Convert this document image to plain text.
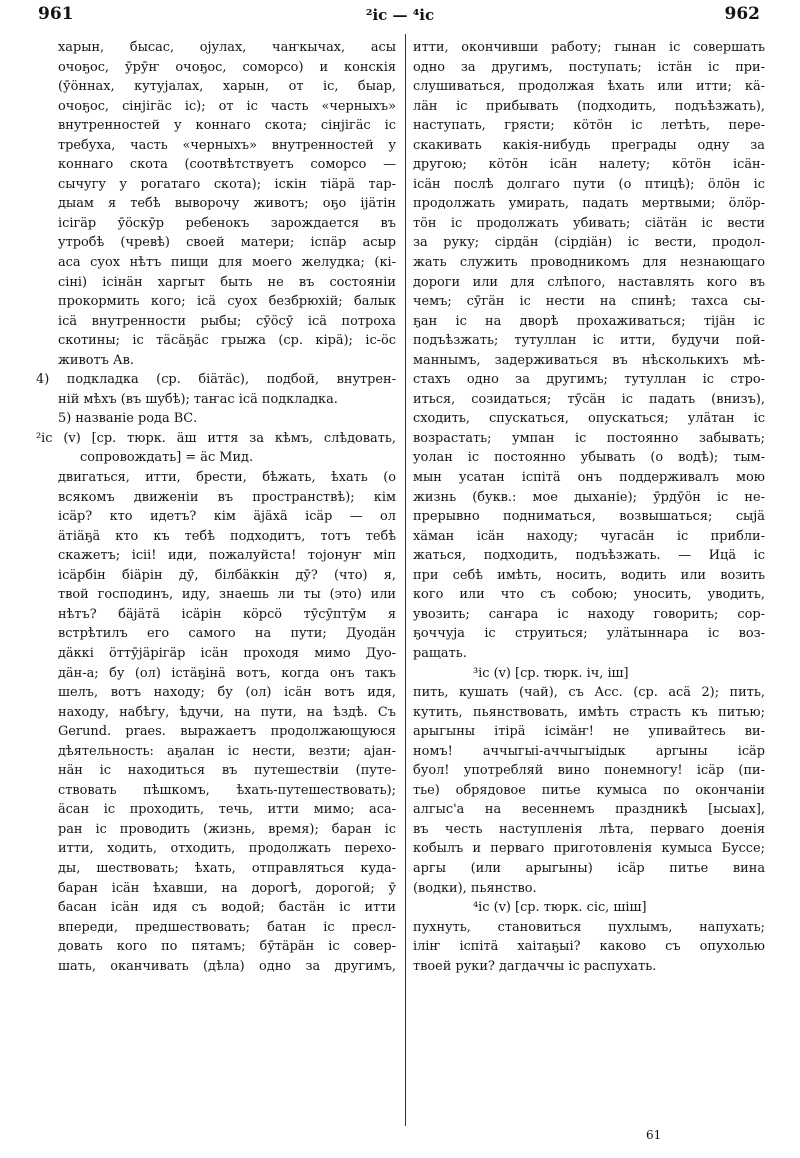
²іс — ⁴іс
961	962
харын, бысас, ојулах, чаҥкычах, асы
очоҕос, ӯрӯҥ очоҕос, соморсо) и конскія
(ӯöннах, кутујалах, харын, от іс, быар,
очоҕос, сінјігäс іс); от іс часть «черныхъ»
внутренностей у коннаго скота; сінјігäс іс
требуха, часть «черныхъ» внутренностей у
коннаго скота (соотвѣтствуетъ соморсо —
сычугу у рогатаго скота); іскін тіäрä тар-
дыам я тебѣ выворочу животъ; оҕо іјäтін
ісігäр ӯöскӯр ребенокъ зарождается въ
утробѣ (чревѣ) своей матери; іспäр асыр
аса суох нѣтъ пищи для моего желудка; (кі-
сіні) ісінäн харгыт быть не въ состояніи
прокормить кого; ісä суох безбрюхій; балык
ісä внутренности рыбы; сӯöсӯ ісä потроха
скотины; іс тäсäҕäс грыжа (ср. кірä); іс-öс
животъ Ав.
4) подкладка (ср. біäтäс), подбой, внутрен-
ній мѣхъ (въ шубѣ); таҥас ісä подкладка.
5) названіе рода ВС.
²іс (v) [ср. тюрк. äш иття за кѣмъ, слѣдовать,
сопровождать] = äс Мид.
двигаться, итти, брести, бѣжать, ѣхать (о
всякомъ движеніи въ пространствѣ); кім
ісäр? кто идетъ? кім äјäхä ісäр — ол
äтіäҕä кто къ тебѣ подходитъ, тотъ тебѣ
скажетъ; ісіі! иди, пожалуйста! тојонуҥ міп
ісäрбін біäрін дӯ, білбäккін дӯ? (что) я,
твой господинъ, иду, знаешь ли ты (это) или
нѣтъ? бäјäтä ісäрін кöрсö тӯсӯптӯм я
встрѣтилъ его самого на пути; Дуодäн
дäккі öттӯјäрігäр ісäн проходя мимо Дуо-
дäн-а; бу (ол) істäҕінä вотъ, когда онъ такъ
шелъ, вотъ находу; бу (ол) ісäн вотъ идя,
находу, набѣгу, ѣдучи, на пути, на ѣздѣ. Съ
Gerund. praes. выражаетъ продолжающуюся
дѣятельность: аҕалан іс нести, везти; ајан-
нäн іс находиться въ путешествіи (путе-
ствовать пѣшкомъ, ѣхать-путешествовать);
äсан іс проходить, течь, итти мимо; аса-
ран іс проводить (жизнь, время); баран іс
итти, ходить, отходить, продолжать перехо-
ды, шествовать; ѣхать, отправляться куда-
баран ісäн ѣхавши, на дорогѣ, дорогой; ӯ
басан ісäн идя съ водой; бастäн іс итти
впереди, предшествовать; батан іс пресл-
довать кого по пятамъ; бӯтäрäн іс совер-
шать, оканчивать (дѣла) одно за другимъ,
итти, окончивши работу; гынан іс совершать
одно за другимъ, поступать; істäн іс при-
слушиваться, продолжая ѣхать или итти; кä-
лäн іс прибывать (подходить, подъѣзжать),
наступать, грясти; кöтöн іс летѣть, пере-
скакивать какія-нибудь преграды одну за
другою; кöтöн ісäн налету; кöтöн ісäн-
ісäн послѣ долгаго пути (о птицѣ); öлöн іс
продолжать умирать, падать мертвыми; öлöр-
тöн іс продолжать убивать; сіäтäн іс вести
за руку; сірдäн (сірдіäн) іс вести, продол-
жать служить проводникомъ для незнающаго
дороги или для слѣпого, наставлять кого въ
чемъ; сӯгäн іс нести на спинѣ; тахса сы-
ҕан іс на дворѣ прохаживаться; тіјäн іс
подъѣзжать; тутуллан іс итти, будучи пой-
маннымъ, задерживаться въ нѣсколькихъ мѣ-
стахъ одно за другимъ; тутуллан іс стро-
иться, созидаться; тӯсäн іс падать (внизъ),
сходить, спускаться, опускаться; улäтан іс
возрастать; умпан іс постоянно забывать;
уолан іс постоянно убывать (о водѣ); тым-
мын усатан іспітä онъ поддерживалъ мою
жизнь (букв.: мое дыханіе); ӯрдӯöн іс не-
прерывно подниматься, возвышаться; сыјä
хäман ісäн находу; чугасäн іс прибли-
жаться, подходить, подъѣзжать. — Ицä іс
при себѣ имѣть, носить, водить или возить
кого или что съ собою; уносить, уводить,
увозить; саҥара іс находу говорить; сор-
ҕоччуја іс струиться; улäтыннара іс воз-
ращать.
³іс (v) [ср. тюрк. іч, іш]
пить, кушать (чай), съ Асс. (ср. асä 2); пить,
кутить, пьянствовать, имѣть страсть къ питью;
арыгыны ітірä ісімäҥ! не упивайтесь ви-
номъ! аччыгыі-аччыгыідык аргыны ісäр
буол! употребляй вино понемногу! ісäр (пи-
тье) обрядовое питье кумыса по окончаніи
алгыс'а на весеннемъ праздникѣ [ысыах],
въ честь наступленія лѣта, перваго доенія
кобылъ и перваго приготовленія кумыса Буссе;
аргы (или арыгыны) ісäр питье вина
(водки), пьянство.
⁴іс (v) [ср. тюрк. сіс, шіш]
пухнуть, становиться пухлымъ, напухать;
іліҥ іспітä хаітаҕыі? каково съ опухолью
твоей руки? дагдаччы іс распухать.
61
